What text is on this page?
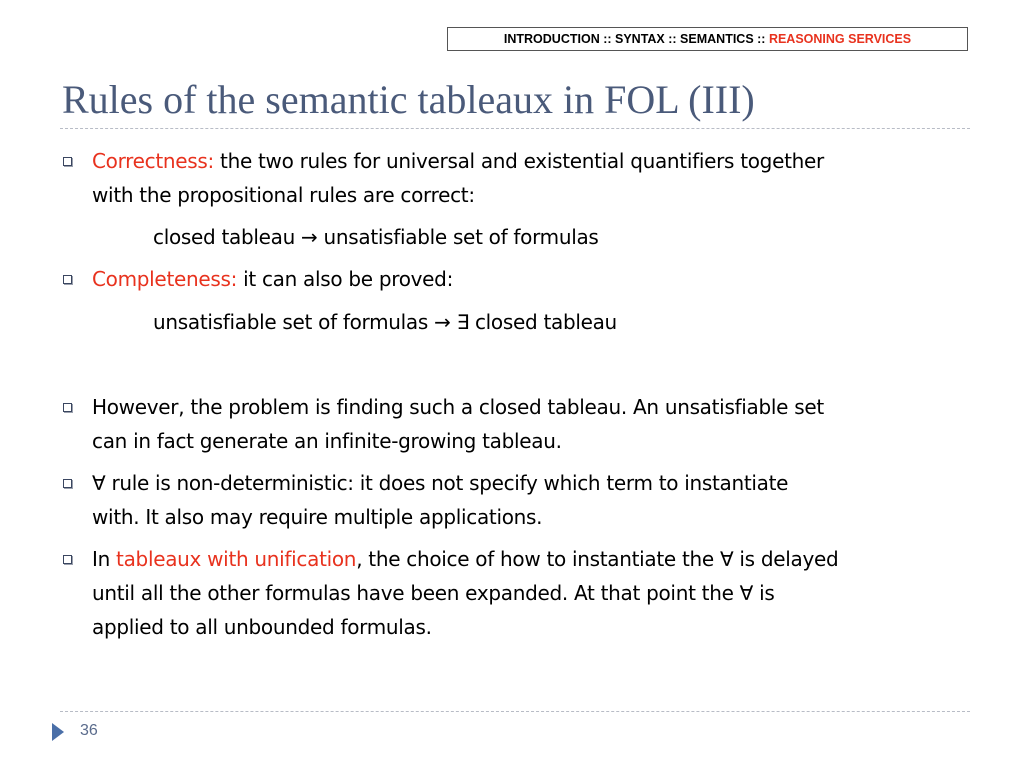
INTRODUCTION :: SYNTAX :: SEMANTICS :: REASONING SERVICES
Rules of the semantic tableaux in FOL (III)
Correctness: the two rules for universal and existential quantifiers together
with the propositional rules are correct:
closed tableau → unsatisfiable set of formulas
Completeness: it can also be proved:
unsatisfiable set of formulas → ∃ closed tableau
However, the problem is finding such a closed tableau. An unsatisfiable set
can in fact generate an infinite-growing tableau.
∀ rule is non-deterministic: it does not specify which term to instantiate
with. It also may require multiple applications.
In tableaux with unification, the choice of how to instantiate the ∀ is delayed
until all the other formulas have been expanded. At that point the ∀ is
applied to all unbounded formulas.
36
